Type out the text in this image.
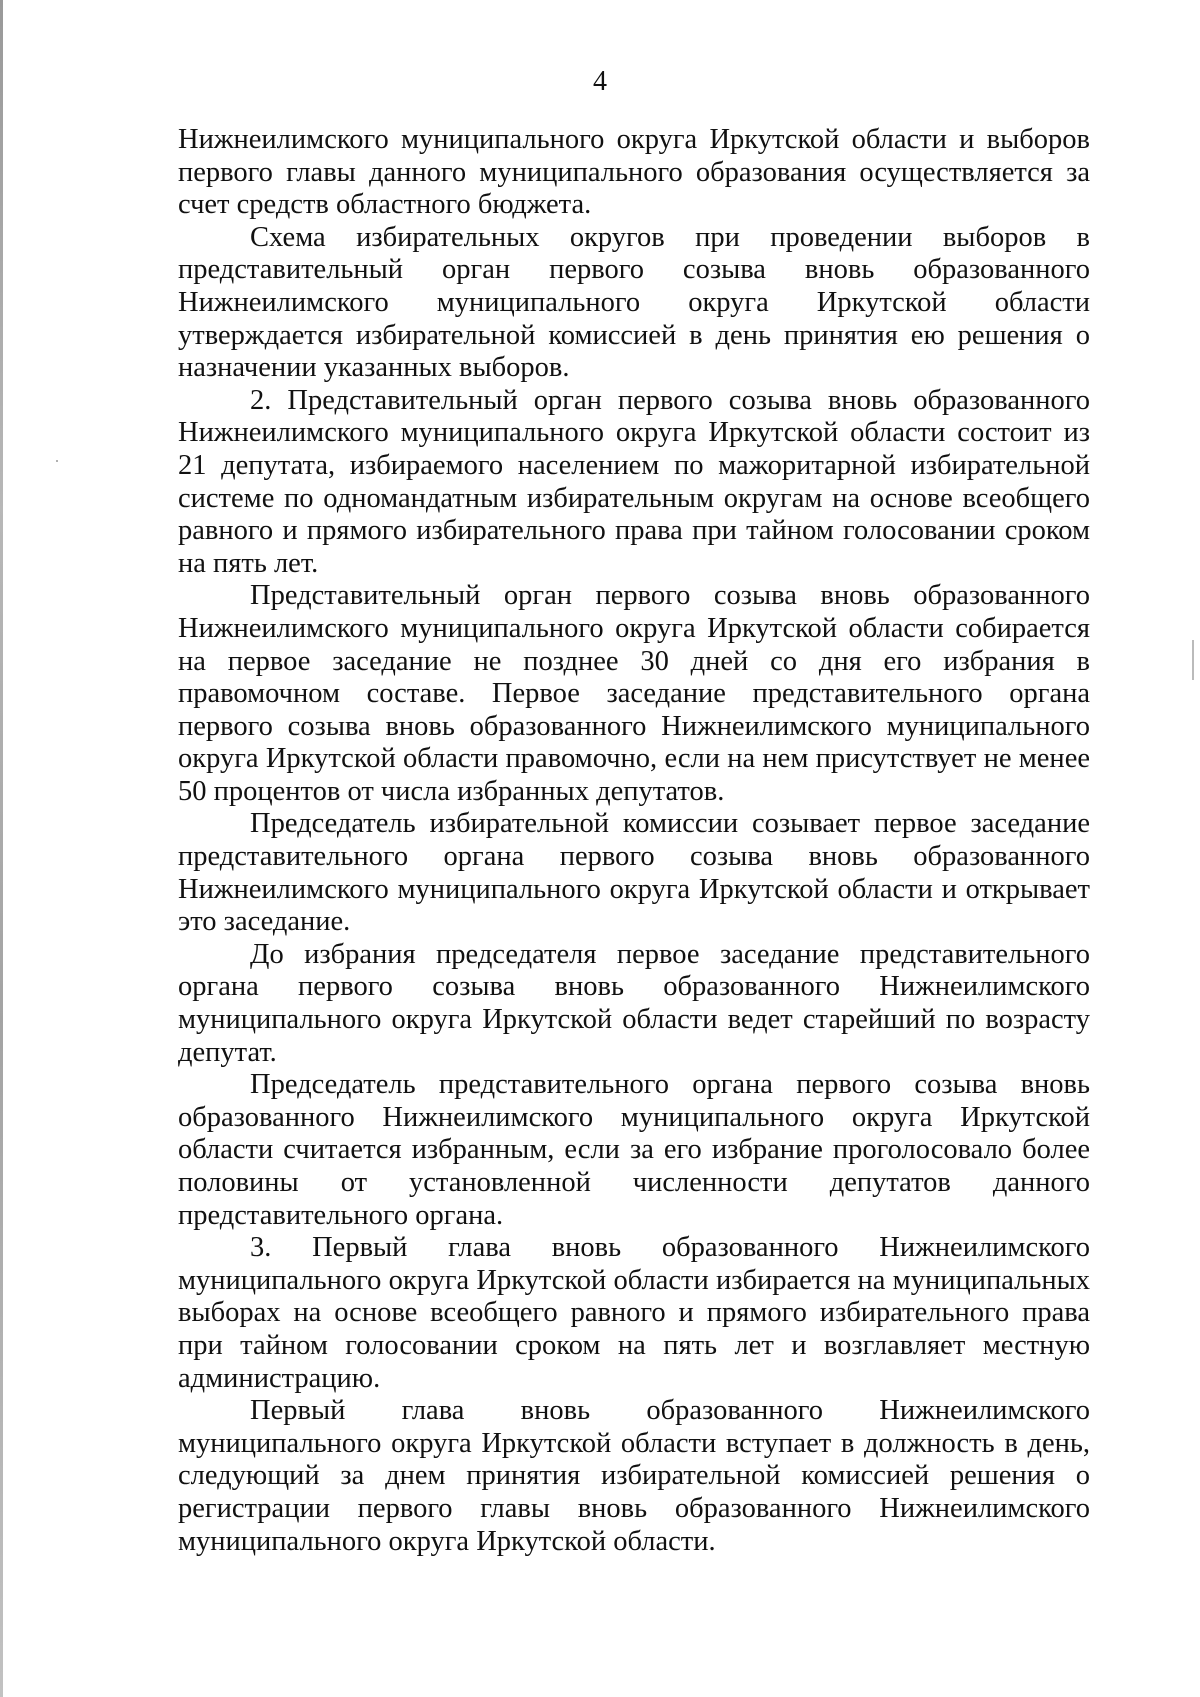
4

Нижнеилимского муниципального округа Иркутской области и выборов первого главы данного муниципального образования осуществляется за счет средств областного бюджета.

Схема избирательных округов при проведении выборов в представительный орган первого созыва вновь образованного Нижнеилимского муниципального округа Иркутской области утверждается избирательной комиссией в день принятия ею решения о назначении указанных выборов.

2. Представительный орган первого созыва вновь образованного Нижнеилимского муниципального округа Иркутской области состоит из 21 депутата, избираемого населением по мажоритарной избирательной системе по одномандатным избирательным округам на основе всеобщего равного и прямого избирательного права при тайном голосовании сроком на пять лет.

Представительный орган первого созыва вновь образованного Нижнеилимского муниципального округа Иркутской области собирается на первое заседание не позднее 30 дней со дня его избрания в правомочном составе. Первое заседание представительного органа первого созыва вновь образованного Нижнеилимского муниципального округа Иркутской области правомочно, если на нем присутствует не менее 50 процентов от числа избранных депутатов.

Председатель избирательной комиссии созывает первое заседание представительного органа первого созыва вновь образованного Нижнеилимского муниципального округа Иркутской области и открывает это заседание.

До избрания председателя первое заседание представительного органа первого созыва вновь образованного Нижнеилимского муниципального округа Иркутской области ведет старейший по возрасту депутат.

Председатель представительного органа первого созыва вновь образованного Нижнеилимского муниципального округа Иркутской области считается избранным, если за его избрание проголосовало более половины от установленной численности депутатов данного представительного органа.

3. Первый глава вновь образованного Нижнеилимского муниципального округа Иркутской области избирается на муниципальных выборах на основе всеобщего равного и прямого избирательного права при тайном голосовании сроком на пять лет и возглавляет местную администрацию.

Первый глава вновь образованного Нижнеилимского муниципального округа Иркутской области вступает в должность в день, следующий за днем принятия избирательной комиссией решения о регистрации первого главы вновь образованного Нижнеилимского муниципального округа Иркутской области.
